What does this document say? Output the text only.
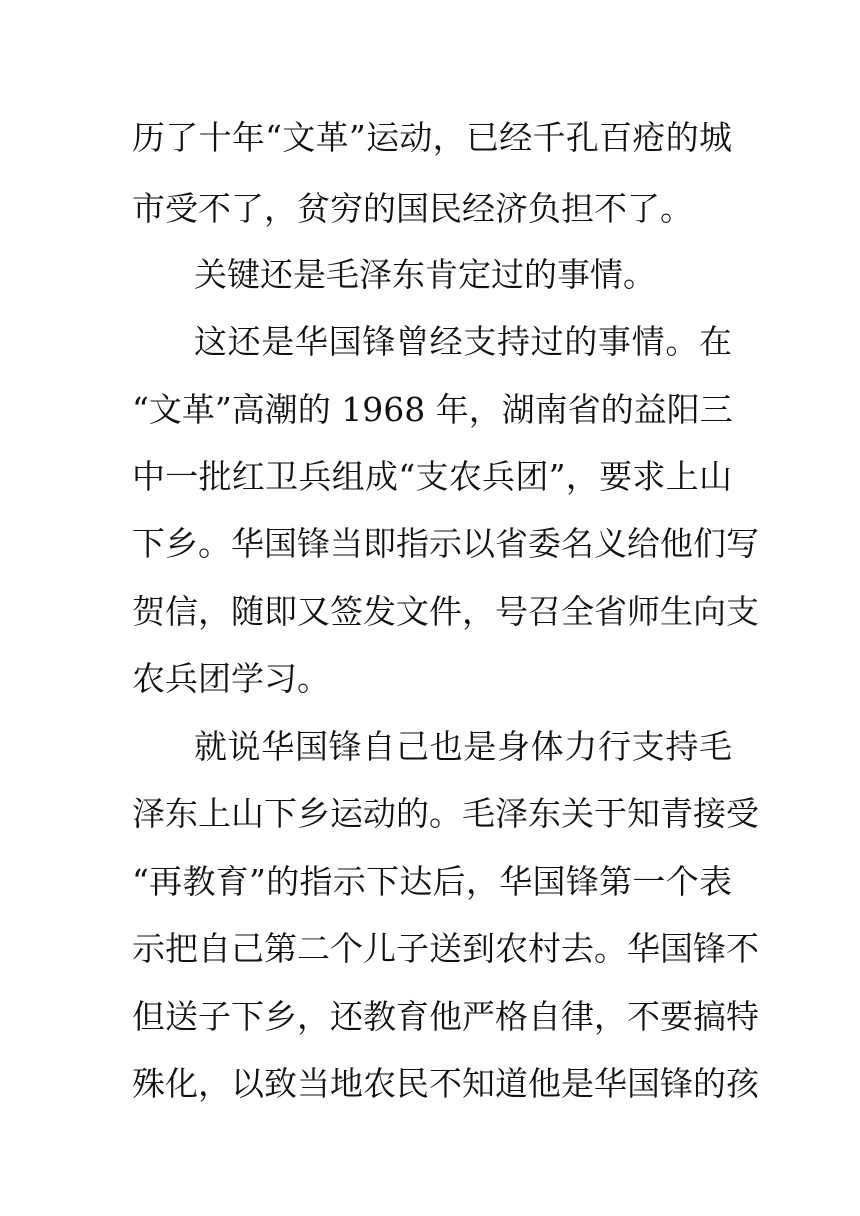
历了十年“文革”运动，已经千孔百疮的城
市受不了，贫穷的国民经济负担不了。
关键还是毛泽东肯定过的事情。
这还是华国锋曾经支持过的事情。在
“文革”高潮的 1968 年，湖南省的益阳三
中一批红卫兵组成“支农兵团”，要求上山
下乡。华国锋当即指示以省委名义给他们写
贺信，随即又签发文件，号召全省师生向支
农兵团学习。
就说华国锋自己也是身体力行支持毛
泽东上山下乡运动的。毛泽东关于知青接受
“再教育”的指示下达后，华国锋第一个表
示把自己第二个儿子送到农村去。华国锋不
但送子下乡，还教育他严格自律，不要搞特
殊化，以致当地农民不知道他是华国锋的孩
